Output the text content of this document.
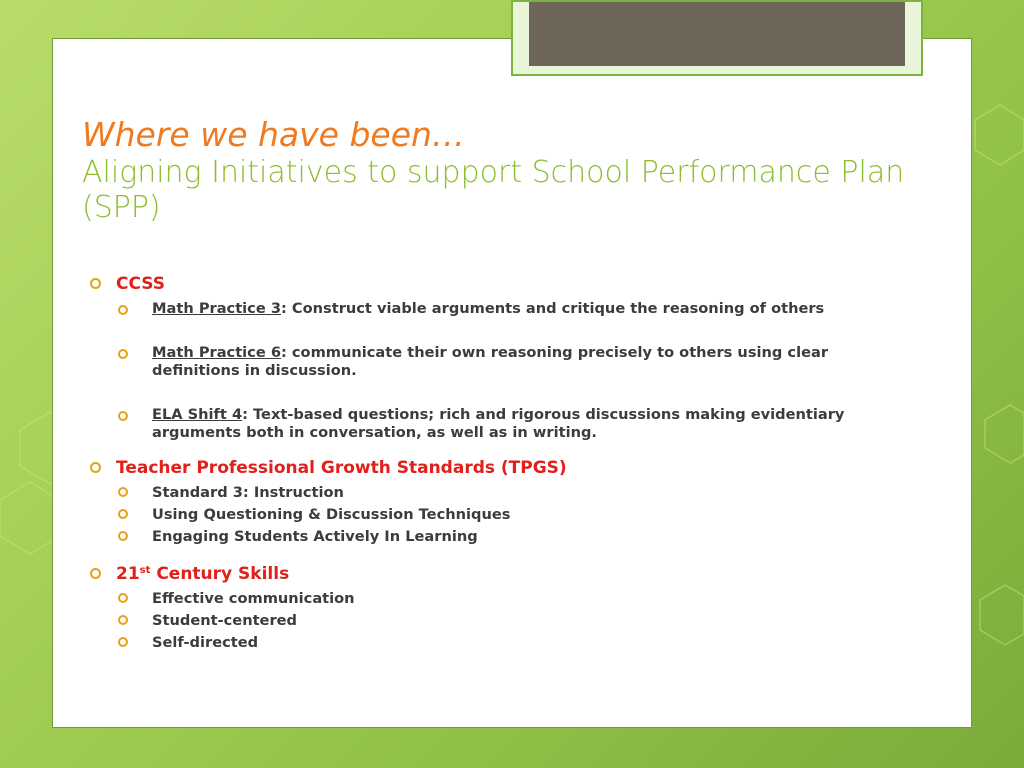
Where we have been…
Aligning Initiatives to support School Performance Plan (SPP)
CCSS
Math Practice 3: Construct viable arguments and critique the reasoning of others
Math Practice 6: communicate their own reasoning precisely to others using clear definitions in discussion.
ELA Shift 4: Text-based questions; rich and rigorous discussions making evidentiary arguments both in conversation, as well as in writing.
Teacher Professional Growth Standards (TPGS)
Standard 3: Instruction
Using Questioning & Discussion Techniques
Engaging Students Actively In Learning
21st Century Skills
Effective communication
Student-centered
Self-directed
